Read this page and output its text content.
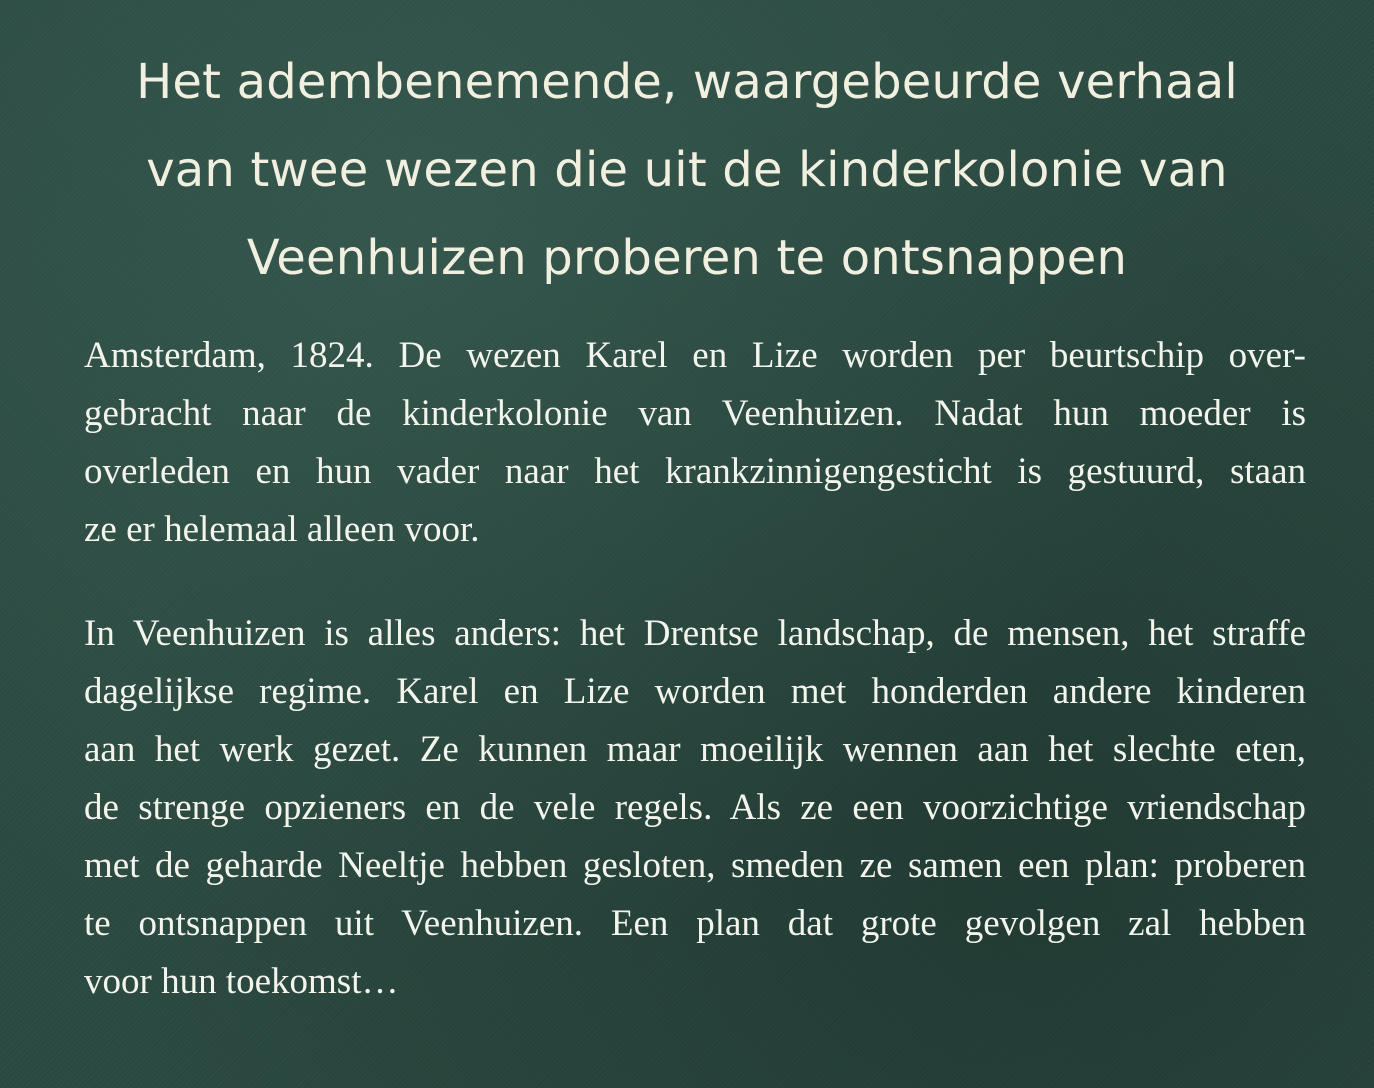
Het adembenemende, waargebeurde verhaal
van twee wezen die uit de kinderkolonie van
Veenhuizen proberen te ontsnappen

Amsterdam, 1824. De wezen Karel en Lize worden per beurtschip over-
gebracht naar de kinderkolonie van Veenhuizen. Nadat hun moeder is
overleden en hun vader naar het krankzinnigengesticht is gestuurd, staan
ze er helemaal alleen voor.

In Veenhuizen is alles anders: het Drentse landschap, de mensen, het straffe
dagelijkse regime. Karel en Lize worden met honderden andere kinderen
aan het werk gezet. Ze kunnen maar moeilijk wennen aan het slechte eten,
de strenge opzieners en de vele regels. Als ze een voorzichtige vriendschap
met de geharde Neeltje hebben gesloten, smeden ze samen een plan: proberen
te ontsnappen uit Veenhuizen. Een plan dat grote gevolgen zal hebben
voor hun toekomst…
